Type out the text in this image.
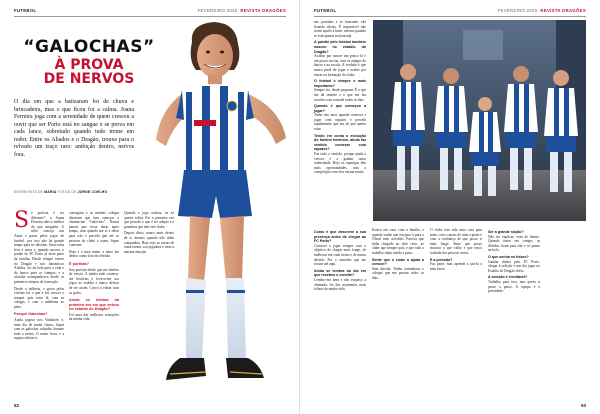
FUTEBOL	FEVEREIRO 2025 REVISTA DRAGÕES
“GALOCHAS”
À PROVA
DE NERVOS
O dia em que a batizaram foi de chuva e brincadeira, mas o que ficou foi a calma. Joana Ferreira joga com a serenidade de quem cresceu a ouvir que ser Porto está no sangue e se prova em cada lance, sobretudo quando tudo treme em redor. Entre os Aliados e o Dragão, trouxe para o relvado um traço raro: ambição dentro, nervos fora.
ENTREVISTA DE MARIA FOTOS DE JORGE COELHO

Se portista é ser diferente”, a Joana Ferreira sabe-o melhor do que ninguém. A tribo começa nas Antas e passa pelos jogos de futebol, por isso não há grande tempo para ter dúvidas. Uma coisa leva à outra e, quando nasceu, o portão do FC Porto já fazia parte da família. Desde sempre esteve no Dragão e nos fantásticos Aliados, foi da bola para a vida e do banco para os campos, e a alcunha acompanhou-a desde os primeiros tempos de formação.

Desde a infância, o gosto pelas vitórias foi o que a fez crescer e sempre quis estar lá, com as colegas, e com o emblema ao peito.

Porquê Galochas?

Ainda jogava nos Valadares e, num dia de muita chuva, fiquei com as galochas calçadas durante todo o treino. O nome ficou, e a equipa adotou-o.

conseguiu e as minhas colegas disseram que iam começar a chamar-me “Galochas”. Nunca pensei que fosse durar tanto tempo, mas quando me vi a olhar para trás e percebi que até as pessoas do clube o usam, fiquei contente.

Hoje é o meu nome, e tanto faz dentro como fora do relvado.

É portista?

Sou portista desde que me lembro de existir. A minha mãe contava-me histórias e levava-me aos jogos ao estádio e nunca deixou de ser assim. Cresci a vibrar com os golos.

Ainda se lembra da primeira vez em que entrou no estádio do Dragão?

Foi uma das melhores sensações da minha vida.

Quando o jogo acabou, eu só queria voltar. Foi a primeira vez que percebi o que é ser adepta e a grandeza que tem este clube.

Depois disso, nunca mais deixei de ir, mesmo quando não tinha companhia. Hoje vejo as coisas de outra forma, sou jogadora e sinto a mesma emoção.

52
FUTEBOL	FEVEREIRO 2025 REVISTA DRAGÕES

nas portadas e as bancadas vão ficando cheias. É impossível não sentir aquilo a bater, mesmo quando se está apenas na bancada.

A paixão pelo futebol também nasceu no estádio do Dragão?

Acabou por nascer um pouco lá e um pouco na rua, com os amigos do bairro e na escola. A verdade é que nunca parei de jogar e acabei por entrar na formação do clube.

O futebol é sempre o mais importante?

Sempre foi, desde pequena. É o que me dá sentido e o que me faz acordar com vontade todos os dias.

Quando é que começou a jogar?

Tinha oito anos quando comecei a jogar com rapazes e percebi rapidamente que era ali que queria estar.

Tendo em conta a evolução do futebol feminino, ainda faz sentido começar com rapazes?

Faz todo o sentido, porque ajuda a crescer e a ganhar outra intensidade. Hoje as raparigas têm mais oportunidades, mas a competição com eles ensina muito.

Como é que descreve a sua presença antes de chegar ao FC Porto?

Comecei a jogar sempre com o objetivo de chegar mais longe, de melhorar em cada treino e de nunca desistir. Foi o caminho que me trouxe até aqui.

Ainda se lembra do dia em que recebeu o convite?

Lembro-me bem e não esqueço a chamada, foi dos momentos mais felizes da minha vida.

Estava em casa, com a família, e quando soube que era para ir para o Olival nem acreditei. Parecia que tinha chegado ao sítio certo, ao clube que sempre quis, e que todo o trabalho tinha valido a pena.

Sente que o clube a ajuda a crescer?

Sem dúvida. Tenho treinadoras e colegas que me puxam todos os dias.

O clube tem sido uma casa para mim, com o apoio de toda a gente e com a confiança de que posso ir mais longe. Sinto que posso mostrar o que valho e que estou rodeada das pessoas certas.

E a pressão?

Faz parte, mas aprendi a usá-la a meu favor.

Ser a grande noção?

Não sei explicar, vem de dentro. Quando entro em campo, as dúvidas ficam para trás e só penso na bola.

O que sonha no futuro?

Ganhar títulos pelo FC Porto, chegar à seleção e um dia jogar no Estádio do Dragão cheio.

A seleção é inevitável?

Trabalho para isso, mas quero ir passo a passo. A equipa é a prioridade.

53
